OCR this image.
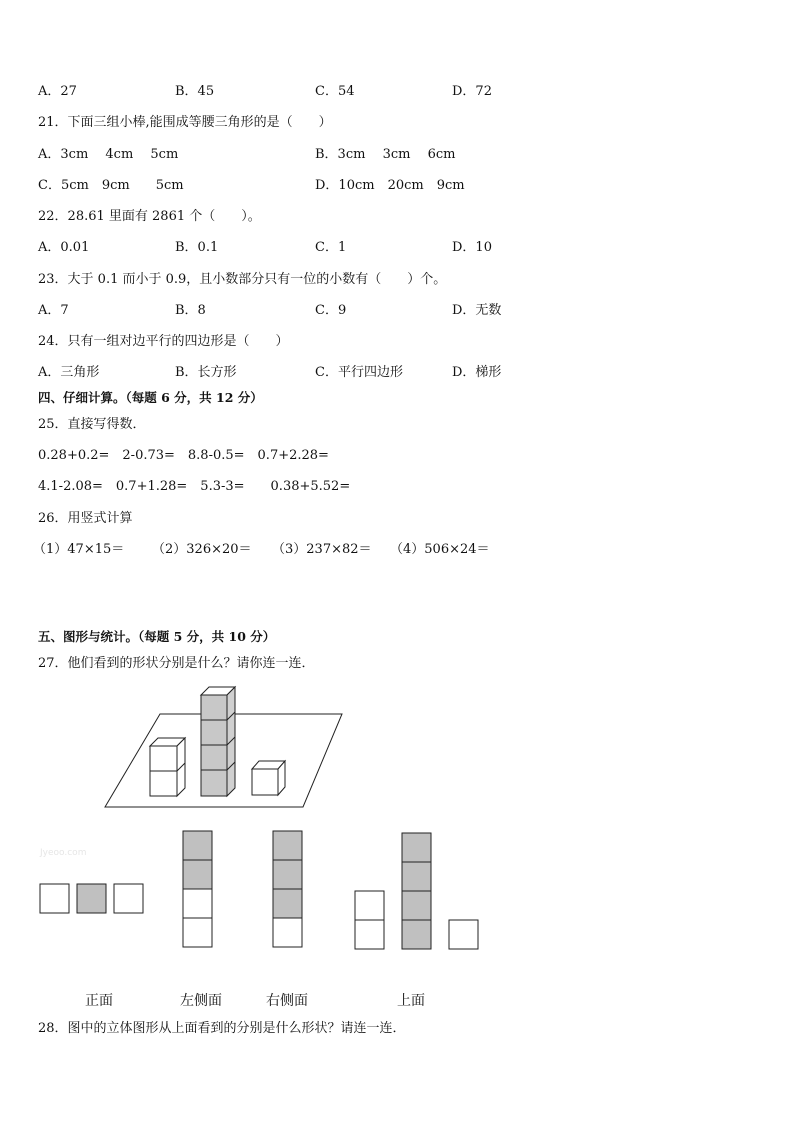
A．27	B．45	C．54	D．72
21．下面三组小棒,能围成等腰三角形的是（　　）
A．3cm　 4cm　 5cm	B．3cm　 3cm　 6cm
C．5cm　9cm　　5cm	D．10cm　20cm　9cm
22．28.61 里面有 2861 个（　　）。
A．0.01	B．0.1	C．1	D．10
23．大于 0.1 而小于 0.9，且小数部分只有一位的小数有（　　）个。
A．7	B．8	C．9	D．无数
24．只有一组对边平行的四边形是（　　）
A．三角形	B．长方形	C．平行四边形	D．梯形
四、仔细计算。（每题 6 分，共 12 分）
25．直接写得数．
0.28+0.2=　2-0.73=　8.8-0.5=　0.7+2.28=
4.1-2.08=　0.7+1.28=　5.3-3=　　0.38+5.52=
26．用竖式计算
（1）47×15＝ （2）326×20＝ （3）237×82＝ （4）506×24＝
五、图形与统计。（每题 5 分，共 10 分）
27．他们看到的形状分别是什么？请你连一连．
Jyeoo.com
正面	左侧面	右侧面	上面
28．图中的立体图形从上面看到的分别是什么形状？请连一连．
